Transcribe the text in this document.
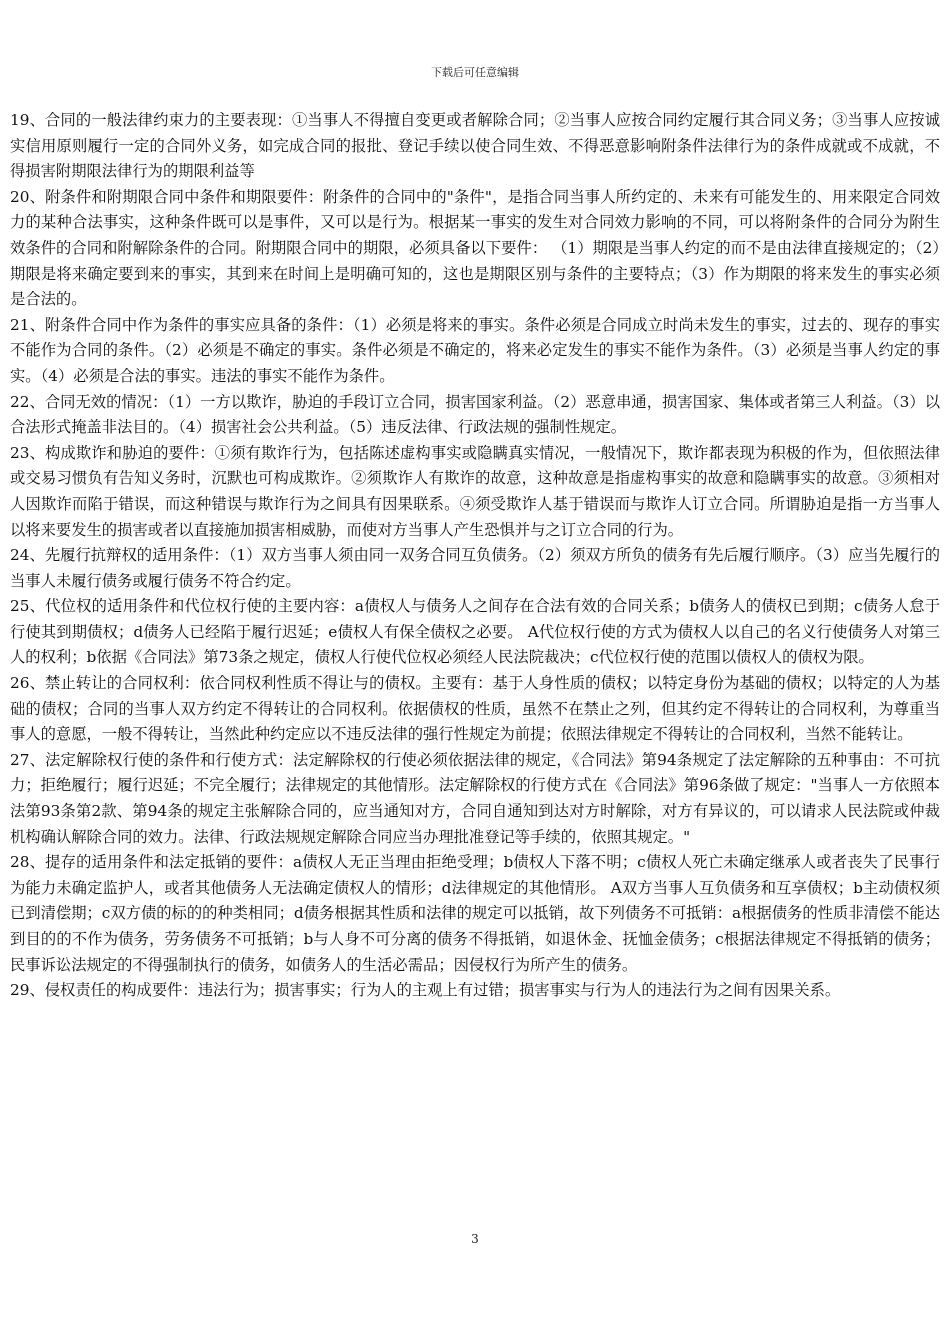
下载后可任意编辑

19、合同的一般法律约束力的主要表现：①当事人不得擅自变更或者解除合同；②当事人应按合同约定履行其合同义务；③当事人应按诚实信用原则履行一定的合同外义务，如完成合同的报批、登记手续以使合同生效、不得恶意影响附条件法律行为的条件成就或不成就，不得损害附期限法律行为的期限利益等

20、附条件和附期限合同中条件和期限要件：附条件的合同中的"条件"，是指合同当事人所约定的、未来有可能发生的、用来限定合同效力的某种合法事实，这种条件既可以是事件，又可以是行为。根据某一事实的发生对合同效力影响的不同，可以将附条件的合同分为附生效条件的合同和附解除条件的合同。附期限合同中的期限，必须具备以下要件： （1）期限是当事人约定的而不是由法律直接规定的；（2）期限是将来确定要到来的事实，其到来在时间上是明确可知的，这也是期限区别与条件的主要特点；（3）作为期限的将来发生的事实必须是合法的。

21、附条件合同中作为条件的事实应具备的条件：（1）必须是将来的事实。条件必须是合同成立时尚未发生的事实，过去的、现存的事实不能作为合同的条件。（2）必须是不确定的事实。条件必须是不确定的，将来必定发生的事实不能作为条件。（3）必须是当事人约定的事实。（4）必须是合法的事实。违法的事实不能作为条件。

22、合同无效的情况：（1）一方以欺诈，胁迫的手段订立合同，损害国家利益。（2）恶意串通，损害国家、集体或者第三人利益。（3）以合法形式掩盖非法目的。（4）损害社会公共利益。（5）违反法律、行政法规的强制性规定。

23、构成欺诈和胁迫的要件：①须有欺诈行为，包括陈述虚构事实或隐瞒真实情况，一般情况下，欺诈都表现为积极的作为，但依照法律或交易习惯负有告知义务时，沉默也可构成欺诈。②须欺诈人有欺诈的故意，这种故意是指虚构事实的故意和隐瞒事实的故意。③须相对人因欺诈而陷于错误，而这种错误与欺诈行为之间具有因果联系。④须受欺诈人基于错误而与欺诈人订立合同。所谓胁迫是指一方当事人以将来要发生的损害或者以直接施加损害相威胁，而使对方当事人产生恐惧并与之订立合同的行为。

24、先履行抗辩权的适用条件：（1）双方当事人须由同一双务合同互负债务。（2）须双方所负的债务有先后履行顺序。（3）应当先履行的当事人未履行债务或履行债务不符合约定。

25、代位权的适用条件和代位权行使的主要内容：a债权人与债务人之间存在合法有效的合同关系；b债务人的债权已到期；c债务人怠于行使其到期债权；d债务人已经陷于履行迟延；e债权人有保全债权之必要。 A代位权行使的方式为债权人以自己的名义行使债务人对第三人的权利；b依据《合同法》第73条之规定，债权人行使代位权必须经人民法院裁决；c代位权行使的范围以债权人的债权为限。

26、禁止转让的合同权利：依合同权利性质不得让与的债权。主要有：基于人身性质的债权；以特定身份为基础的债权；以特定的人为基础的债权；合同的当事人双方约定不得转让的合同权利。依据债权的性质，虽然不在禁止之列，但其约定不得转让的合同权利，为尊重当事人的意愿，一般不得转让，当然此种约定应以不违反法律的强行性规定为前提；依照法律规定不得转让的合同权利，当然不能转让。

27、法定解除权行使的条件和行使方式：法定解除权的行使必须依据法律的规定，《合同法》第94条规定了法定解除的五种事由：不可抗力；拒绝履行；履行迟延；不完全履行；法律规定的其他情形。法定解除权的行使方式在《合同法》第96条做了规定："当事人一方依照本法第93条第2款、第94条的规定主张解除合同的，应当通知对方，合同自通知到达对方时解除，对方有异议的，可以请求人民法院或仲裁机构确认解除合同的效力。法律、行政法规规定解除合同应当办理批准登记等手续的，依照其规定。"

28、提存的适用条件和法定抵销的要件：a债权人无正当理由拒绝受理；b债权人下落不明；c债权人死亡未确定继承人或者丧失了民事行为能力未确定监护人，或者其他债务人无法确定债权人的情形；d法律规定的其他情形。 A双方当事人互负债务和互享债权；b主动债权须已到清偿期；c双方债的标的的种类相同；d债务根据其性质和法律的规定可以抵销，故下列债务不可抵销：a根据债务的性质非清偿不能达到目的的不作为债务，劳务债务不可抵销；b与人身不可分离的债务不得抵销，如退休金、抚恤金债务；c根据法律规定不得抵销的债务；民事诉讼法规定的不得强制执行的债务，如债务人的生活必需品；因侵权行为所产生的债务。

29、侵权责任的构成要件：违法行为；损害事实；行为人的主观上有过错；损害事实与行为人的违法行为之间有因果关系。

3
